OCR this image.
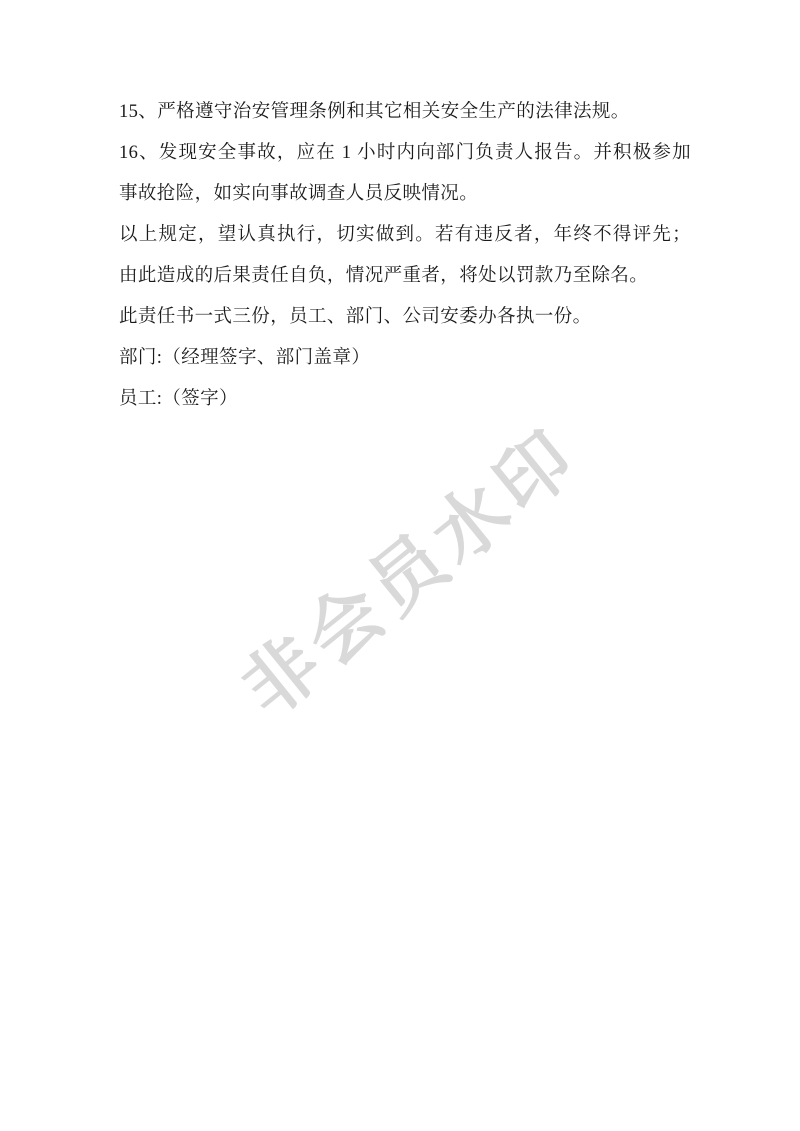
非会员水印
15、严格遵守治安管理条例和其它相关安全生产的法律法规。
16、发现安全事故，应在 1 小时内向部门负责人报告。并积极参加
事故抢险，如实向事故调查人员反映情况。
以上规定，望认真执行，切实做到。若有违反者，年终不得评先；
由此造成的后果责任自负，情况严重者，将处以罚款乃至除名。
此责任书一式三份，员工、部门、公司安委办各执一份。
部门:（经理签字、部门盖章）
员工:（签字）
